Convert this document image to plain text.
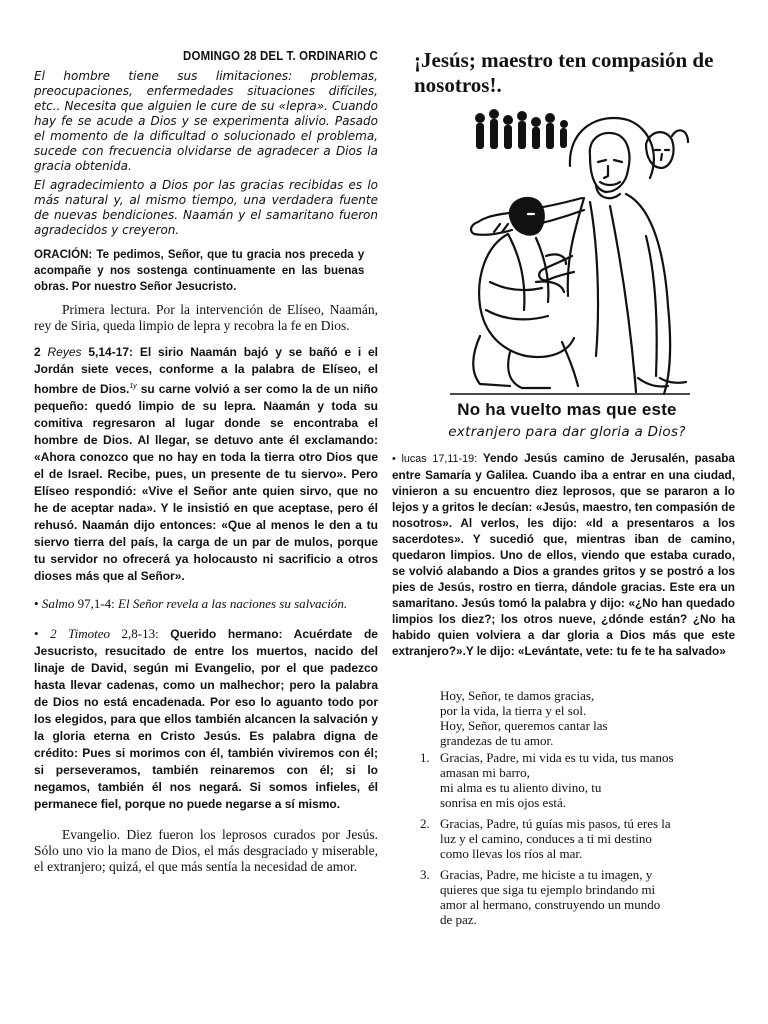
DOMINGO 28 DEL T. ORDINARIO C

El hombre tiene sus limitaciones: problemas, preocupaciones, enfermedades situaciones difíciles, etc.. Necesita que alguien le cure de su «lepra». Cuando hay fe se acude a Dios y se experimenta alivio. Pasado el momento de la dificultad o solucionado el problema, sucede con frecuencia olvidarse de agradecer a Dios la gracia obtenida.

El agradecimiento a Dios por las gracias recibidas es lo más natural y, al mismo tiempo, una verdadera fuente de nuevas bendiciones. Naamán y el samaritano fueron agradecidos y creyeron.

ORACIÓN: Te pedimos, Señor, que tu gracia nos preceda y acompañe y nos sostenga continuamente en las buenas obras. Por nuestro Señor Jesucristo.

Primera lectura. Por la intervención de Elíseo, Naamán, rey de Siria, queda limpio de lepra y recobra la fe en Dios.

2 Reyes 5,14-17: El sirio Naamán bajó y se bañó e i el Jordán siete veces, conforme a la palabra de Elíseo, el hombre de Dios.$^{1y}$ su carne volvió a ser como la de un niño pequeño: quedó limpio de su lepra. Naamán y toda su comitiva regresaron al lugar donde se encontraba el hombre de Dios. Al llegar, se detuvo ante él exclamando: «Ahora conozco que no hay en toda la tierra otro Dios que el de Israel. Recibe, pues, un presente de tu siervo». Pero Elíseo respondió: «Vive el Señor ante quien sirvo, que no he de aceptar nada». Y le insistió en que aceptase, pero él rehusó. Naamán dijo entonces: «Que al menos le den a tu siervo tierra del país, la carga de un par de mulos, porque tu servidor no ofrecerá ya holocausto ni sacrificio a otros dioses más que al Señor».

• Salmo 97,1-4: El Señor revela a las naciones su salvación.

• 2 Timoteo 2,8-13: Querido hermano: Acuérdate de Jesucristo, resucitado de entre los muertos, nacido del linaje de David, según mi Evangelio, por el que padezco hasta llevar cadenas, como un malhechor; pero la palabra de Dios no está encadenada. Por eso lo aguanto todo por los elegidos, para que ellos también alcancen la salvación y la gloria eterna en Cristo Jesús. Es palabra digna de crédito: Pues si morimos con él, también viviremos con él; si perseveramos, también reinaremos con él; si lo negamos, también él nos negará. Si somos infieles, él permanece fiel, porque no puede negarse a sí mismo.

Evangelio. Diez fueron los leprosos curados por Jesús. Sólo uno vio la mano de Dios, el más desgraciado y miserable, el extranjero; quizá, el que más sentía la necesidad de amor.

¡Jesús; maestro ten compasión de nosotros!.

No ha vuelto mas que este

extranjero para dar gloria a Dios?

• lucas 17,11-19: Yendo Jesús camino de Jerusalén, pasaba entre Samaría y Galilea. Cuando iba a entrar en una ciudad, vinieron a su encuentro diez leprosos, que se pararon a lo lejos y a gritos le decían: «Jesús, maestro, ten compasión de nosotros». Al verlos, les dijo: «Id a presentaros a los sacerdotes». Y sucedió que, mientras iban de camino, quedaron limpios. Uno de ellos, viendo que estaba curado, se volvió alabando a Dios a grandes gritos y se postró a los pies de Jesús, rostro en tierra, dándole gracias. Este era un samaritano. Jesús tomó la palabra y dijo: «¿No han quedado limpios los diez?; los otros nueve, ¿dónde están? ¿No ha habido quien volviera a dar gloria a Dios más que este extranjero?».Y le dijo: «Levántate, vete: tu fe te ha salvado»

Hoy, Señor, te damos gracias,
por la vida, la tierra y el sol.
Hoy, Señor, queremos cantar las
grandezas de tu amor.
1. Gracias, Padre, mi vida es tu vida, tus manos
amasan mi barro,
mi alma es tu aliento divino, tu
sonrisa en mis ojos está.
2. Gracias, Padre, tú guías mis pasos, tú eres la
luz y el camino, conduces a ti mi destino
como llevas los ríos al mar.
3. Gracias, Padre, me hiciste a tu imagen, y
quieres que siga tu ejemplo brindando mi
amor al hermano, construyendo un mundo
de paz.
